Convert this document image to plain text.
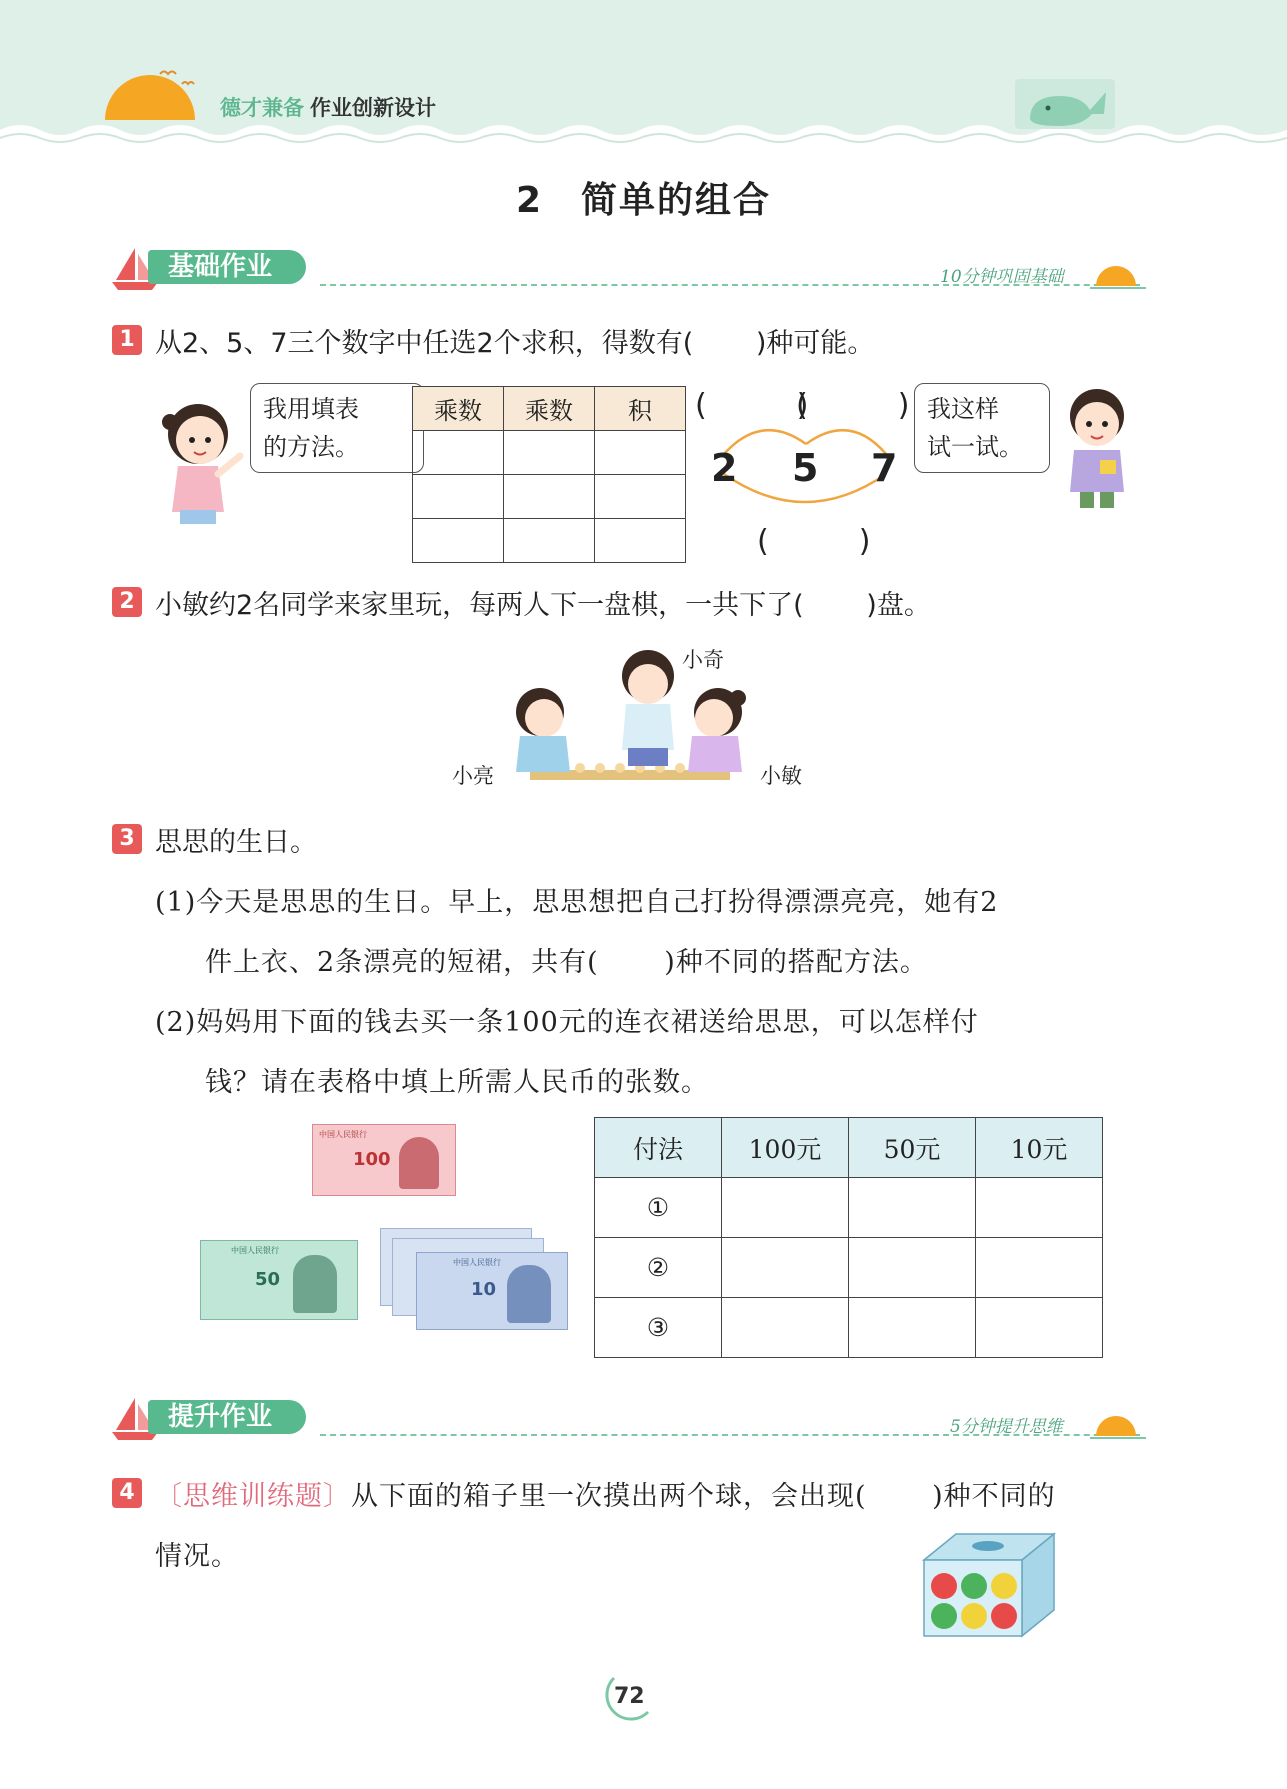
德才兼备 作业创新设计
2　简单的组合
基础作业	10分钟巩固基础
1 从2、5、7三个数字中任选2个求积，得数有(　　 )种可能。
我用填表
的方法。
乘数	乘数	积

		(　　　)
(　　　)
(　　　)
2 5 7
我这样
试一试。
2 小敏约2名同学来家里玩，每两人下一盘棋，一共下了(　　 )盘。
小亮
小奇
小敏
3 思思的生日。
(1)今天是思思的生日。早上，思思想把自己打扮得漂漂亮亮，她有2
件上衣、2条漂亮的短裙，共有(　　 )种不同的搭配方法。
(2)妈妈用下面的钱去买一条100元的连衣裙送给思思，可以怎样付
钱？请在表格中填上所需人民币的张数。
中国人民银行
100
中国人民银行
50
中国人民银行
10
付法	100元	50元	10元
①			
②			
③			
提升作业	5分钟提升思维
4 〔思维训练题〕从下面的箱子里一次摸出两个球，会出现(　　 )种不同的
情况。
72
